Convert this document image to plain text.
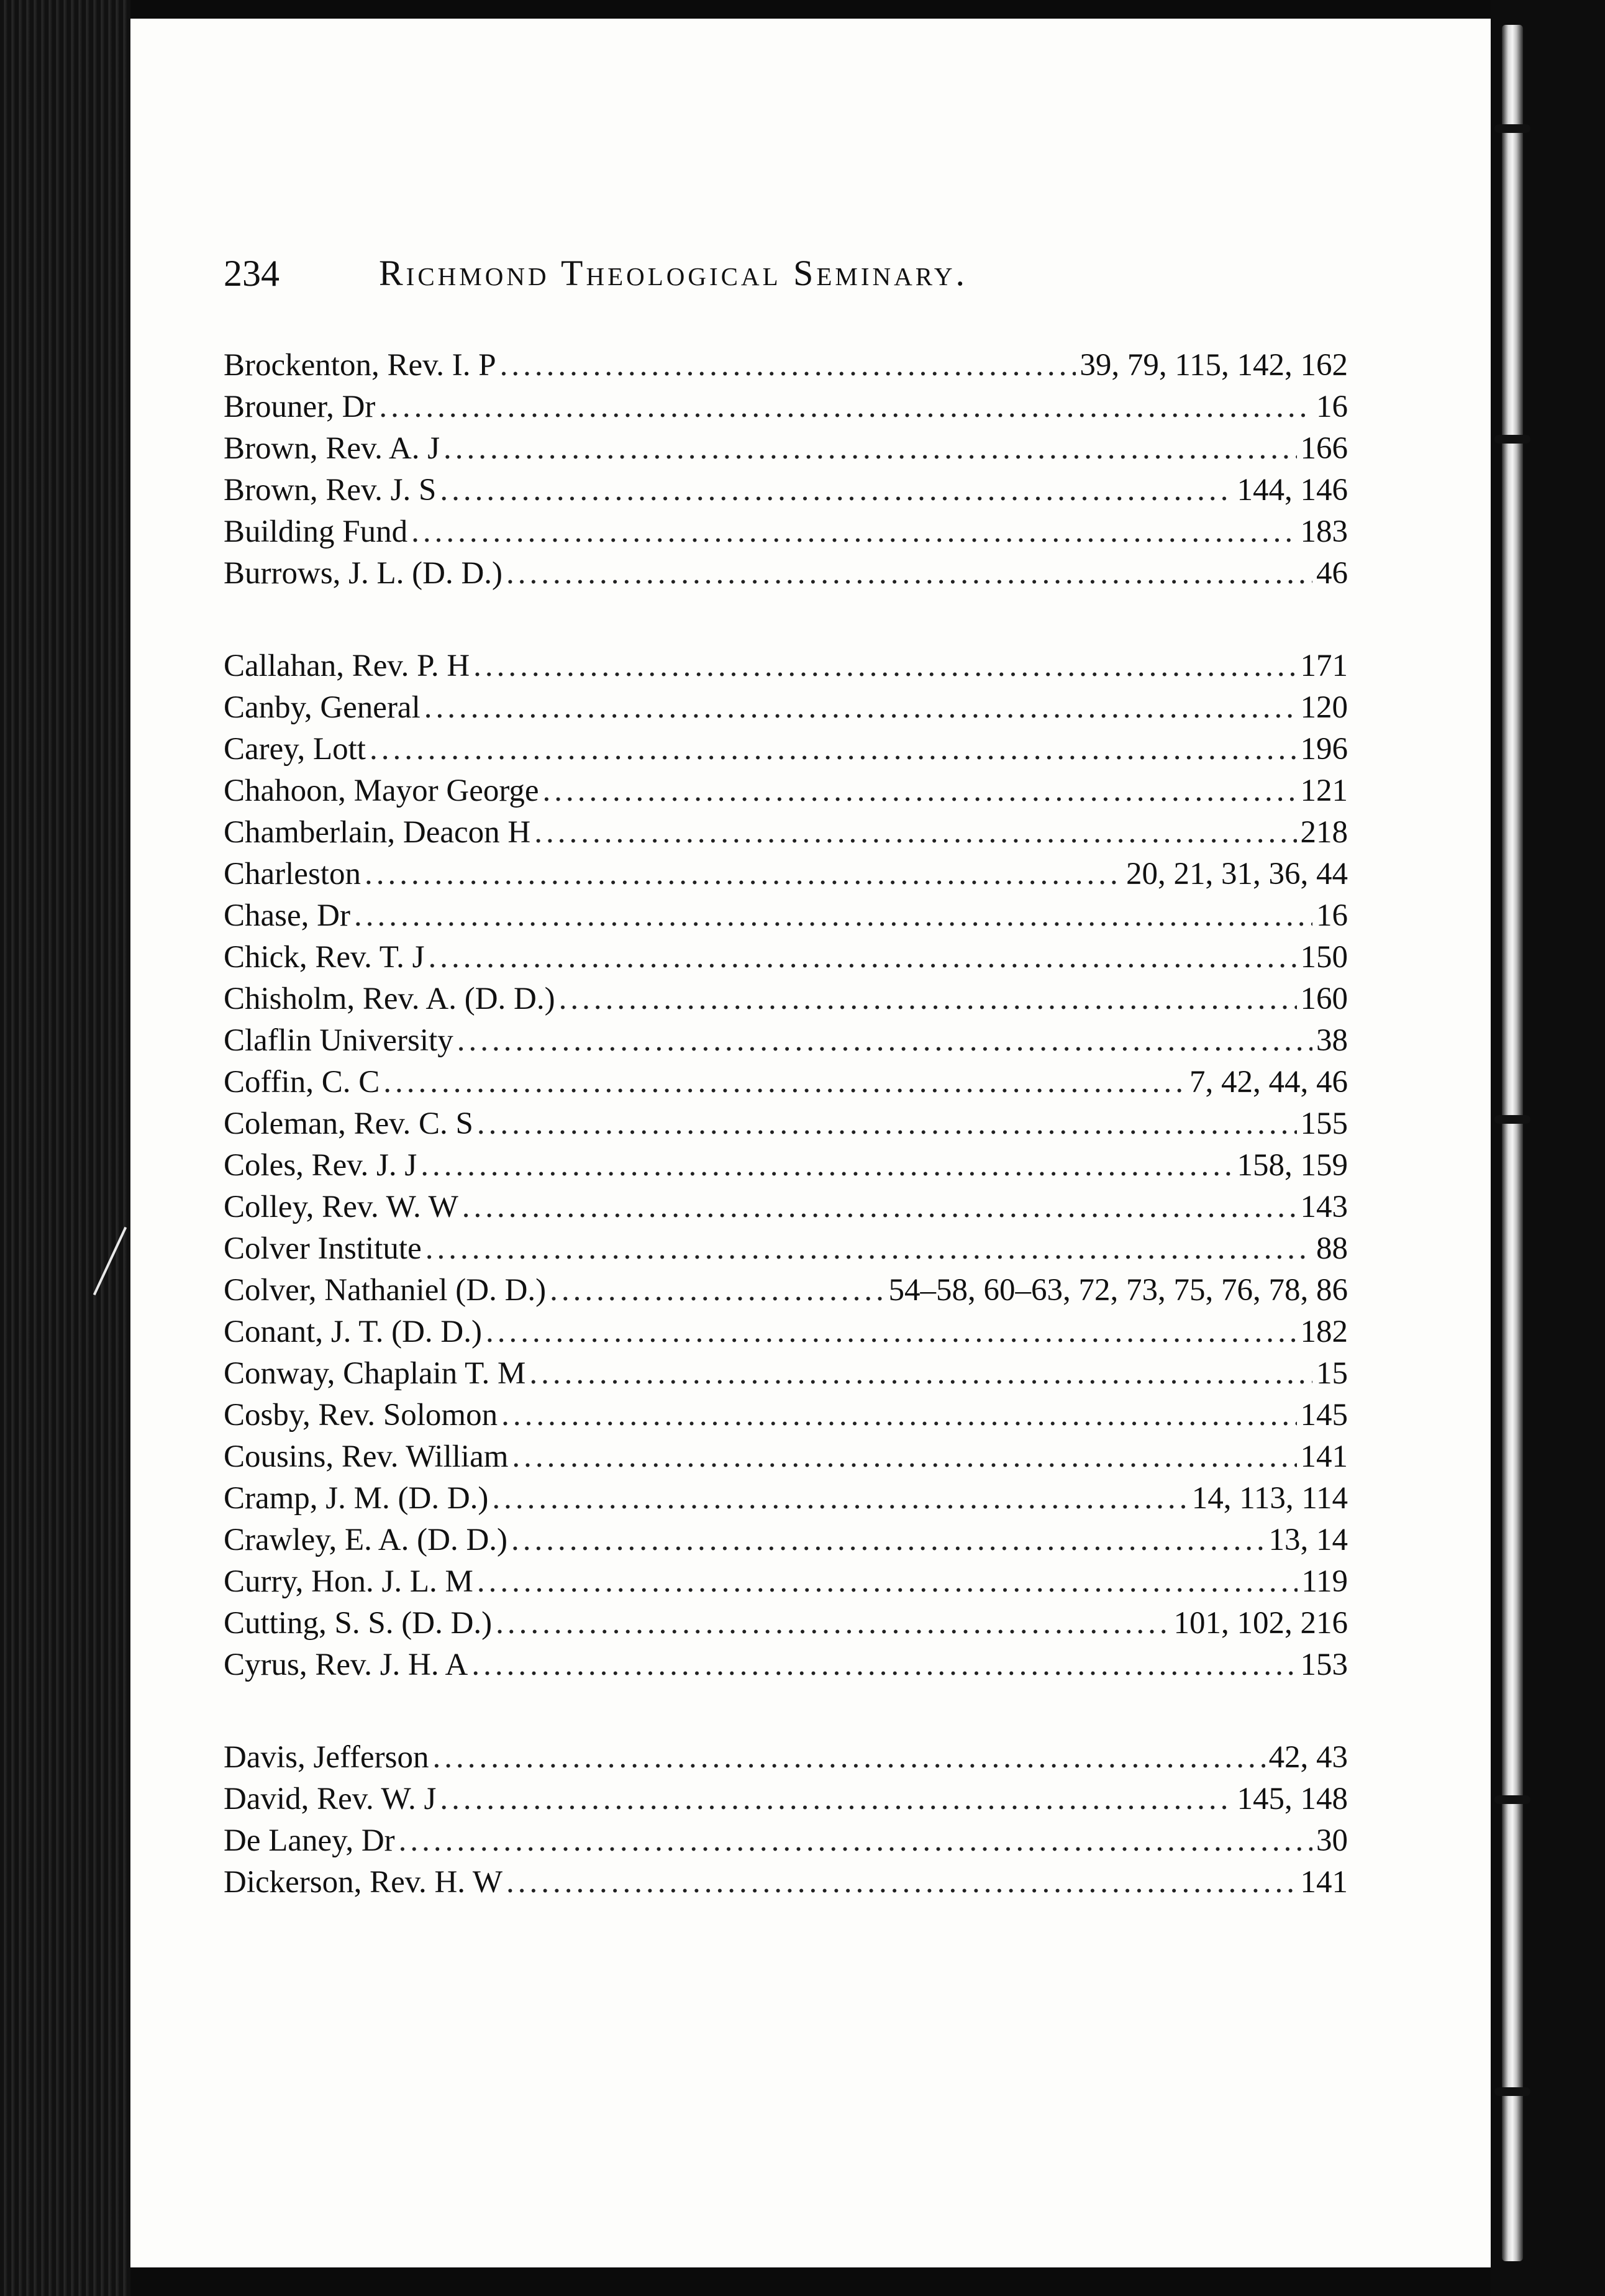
234	Richmond Theological Seminary.
Brockenton, Rev. I. P .....	39, 79, 115, 142, 162
Brouner, Dr .....	16
Brown, Rev. A. J .....	166
Brown, Rev. J. S .....	144, 146
Building Fund .....	183
Burrows, J. L. (D. D.) .....	46
Callahan, Rev. P. H .....	171
Canby, General .....	120
Carey, Lott .....	196
Chahoon, Mayor George .....	121
Chamberlain, Deacon H .....	218
Charleston .....	20, 21, 31, 36, 44
Chase, Dr .....	16
Chick, Rev. T. J .....	150
Chisholm, Rev. A. (D. D.) .....	160
Claflin University .....	38
Coffin, C. C .....	7, 42, 44, 46
Coleman, Rev. C. S .....	155
Coles, Rev. J. J .....	158, 159
Colley, Rev. W. W .....	143
Colver Institute .....	88
Colver, Nathaniel (D. D.) .....	54–58, 60–63, 72, 73, 75, 76, 78, 86
Conant, J. T. (D. D.) .....	182
Conway, Chaplain T. M .....	15
Cosby, Rev. Solomon .....	145
Cousins, Rev. William .....	141
Cramp, J. M. (D. D.) .....	14, 113, 114
Crawley, E. A. (D. D.) .....	13, 14
Curry, Hon. J. L. M .....	119
Cutting, S. S. (D. D.) .....	101, 102, 216
Cyrus, Rev. J. H. A .....	153
Davis, Jefferson .....	42, 43
David, Rev. W. J .....	145, 148
De Laney, Dr .....	30
Dickerson, Rev. H. W .....	141
